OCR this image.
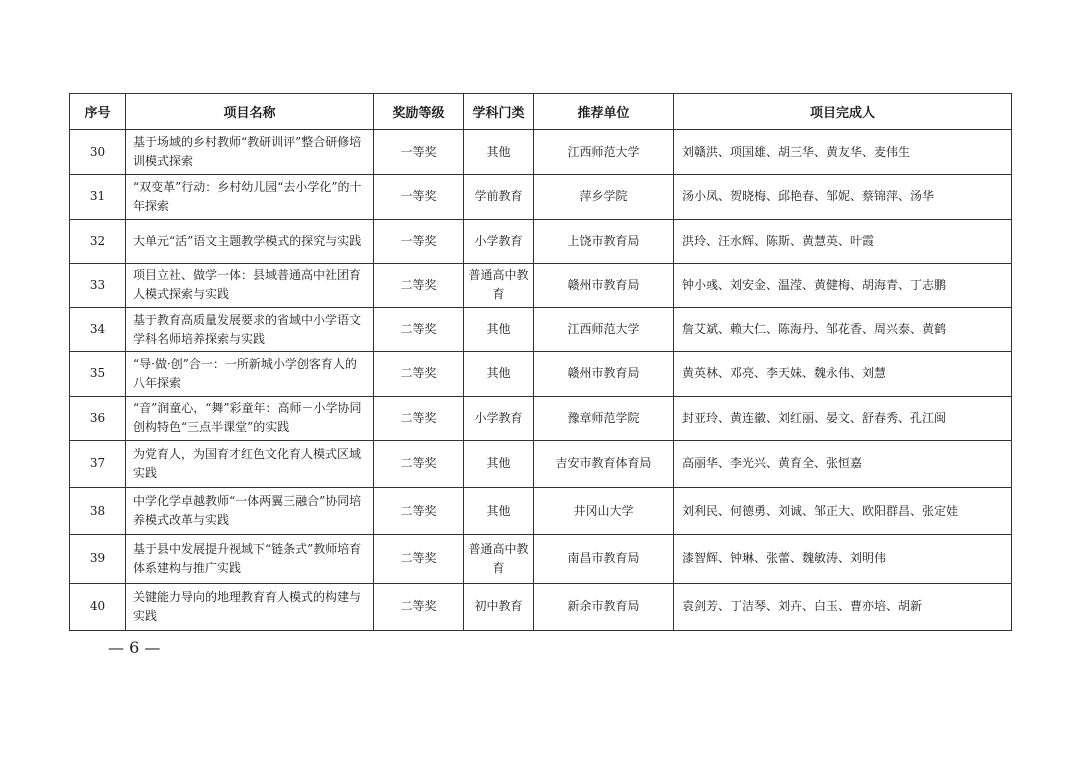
序号	项目名称	奖励等级	学科门类	推荐单位	项目完成人
30	基于场域的乡村教师“教研训评”整合研修培训模式探索	一等奖	其他	江西师范大学	刘赣洪、项国雄、胡三华、黄友华、麦伟生
31	“双变革”行动：乡村幼儿园“去小学化”的十年探索	一等奖	学前教育	萍乡学院	汤小凤、贺晓梅、邱艳春、邹妮、蔡锦萍、汤华
32	大单元“活”语文主题教学模式的探究与实践	一等奖	小学教育	上饶市教育局	洪玲、汪水辉、陈斯、黄慧英、叶霞
33	项目立社、做学一体：县域普通高中社团育人模式探索与实践	二等奖	普通高中教育	赣州市教育局	钟小彧、刘安金、温滢、黄健梅、胡海青、丁志鹏
34	基于教育高质量发展要求的省域中小学语文学科名师培养探索与实践	二等奖	其他	江西师范大学	詹艾斌、赖大仁、陈海丹、邹花香、周兴泰、黄鹤
35	“导·做·创”合一：一所新城小学创客育人的八年探索	二等奖	其他	赣州市教育局	黄英林、邓亮、李天妹、魏永伟、刘慧
36	“音”润童心，“舞”彩童年：高师－小学协同创构特色“三点半课堂”的实践	二等奖	小学教育	豫章师范学院	封亚玲、黄连徽、刘红丽、晏文、舒春秀、孔江闽
37	为党育人，为国育才红色文化育人模式区域实践	二等奖	其他	吉安市教育体育局	高丽华、李光兴、黄育全、张恒嘉
38	中学化学卓越教师“一体两翼三融合”协同培养模式改革与实践	二等奖	其他	井冈山大学	刘利民、何德勇、刘诚、邹正大、欧阳群昌、张定娃
39	基于县中发展提升视域下“链条式”教师培育体系建构与推广实践	二等奖	普通高中教育	南昌市教育局	漆智辉、钟琳、张蕾、魏敏涛、刘明伟
40	关键能力导向的地理教育育人模式的构建与实践	二等奖	初中教育	新余市教育局	袁剑芳、丁洁琴、刘卉、白玉、曹亦培、胡新
— 6 —
